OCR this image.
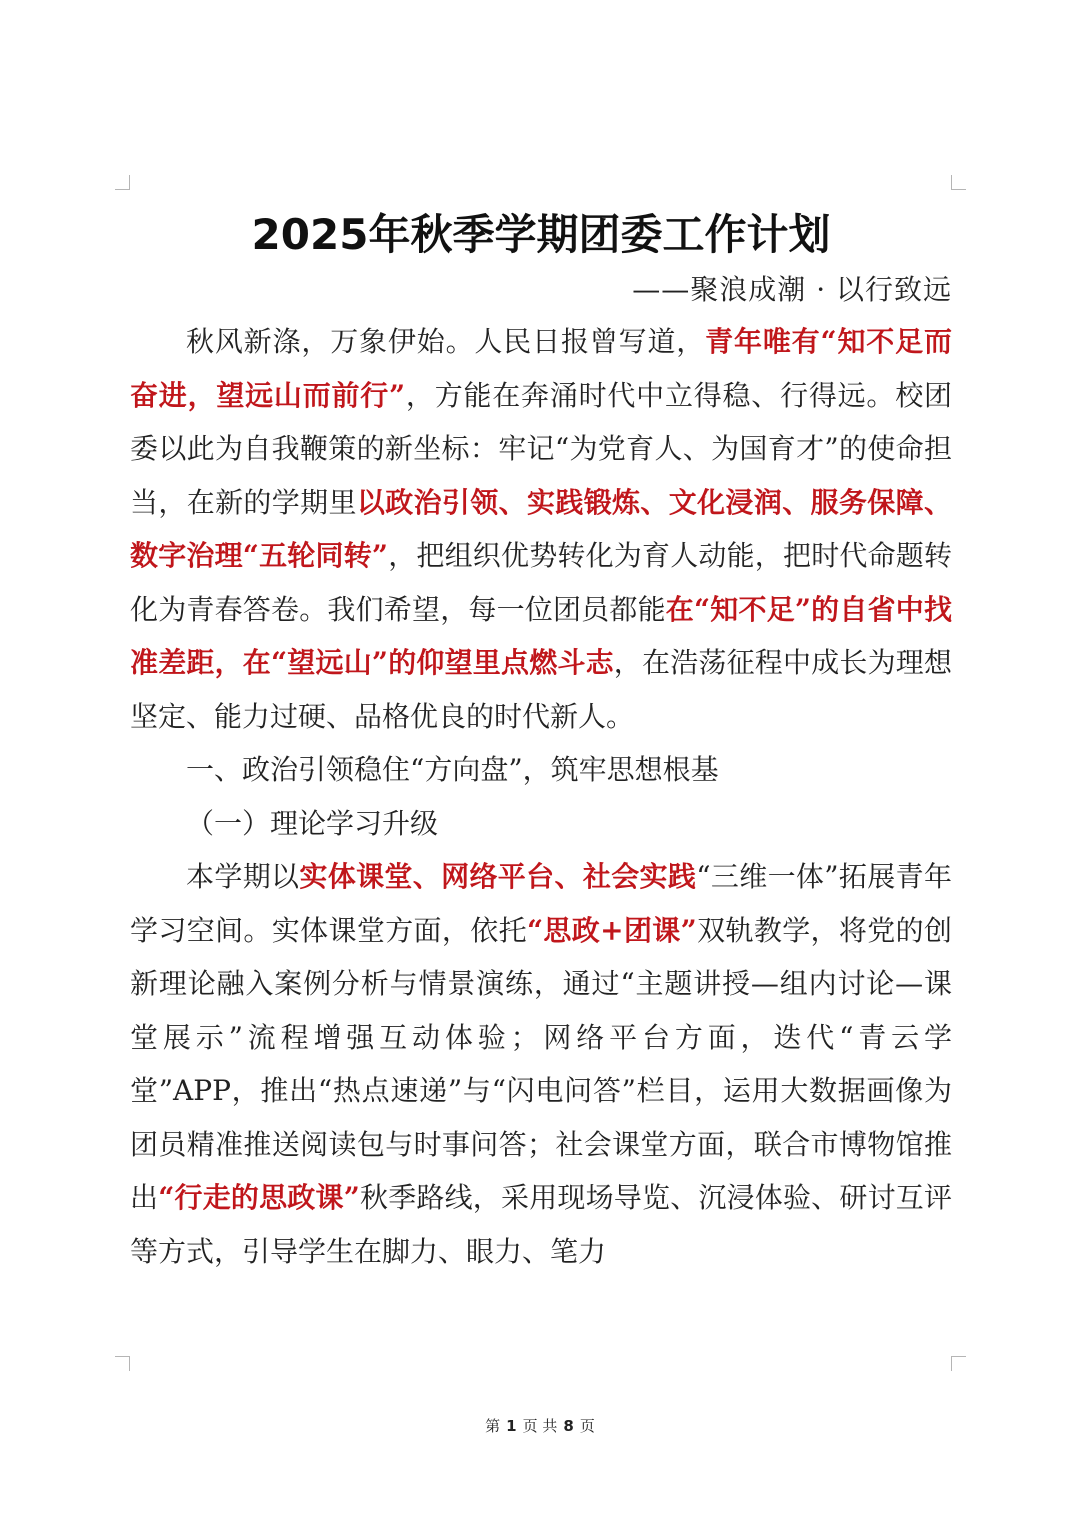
2025年秋季学期团委工作计划

——聚浪成潮 · 以行致远

秋风新涤，万象伊始。人民日报曾写道，青年唯有“知不足而奋进，望远山而前行”，方能在奔涌时代中立得稳、行得远。校团委以此为自我鞭策的新坐标：牢记“为党育人、为国育才”的使命担当，在新的学期里以政治引领、实践锻炼、文化浸润、服务保障、数字治理“五轮同转”，把组织优势转化为育人动能，把时代命题转化为青春答卷。我们希望，每一位团员都能在“知不足”的自省中找准差距，在“望远山”的仰望里点燃斗志，在浩荡征程中成长为理想坚定、能力过硬、品格优良的时代新人。

一、政治引领稳住“方向盘”，筑牢思想根基

（一）理论学习升级

本学期以实体课堂、网络平台、社会实践“三维一体”拓展青年学习空间。实体课堂方面，依托“思政+团课”双轨教学，将党的创新理论融入案例分析与情景演练，通过“主题讲授—组内讨论—课堂展示”流程增强互动体验；网络平台方面，迭代“青云学堂”APP，推出“热点速递”与“闪电问答”栏目，运用大数据画像为团员精准推送阅读包与时事问答；社会课堂方面，联合市博物馆推出“行走的思政课”秋季路线，采用现场导览、沉浸体验、研讨互评等方式，引导学生在脚力、眼力、笔力

第 1 页 共 8 页
